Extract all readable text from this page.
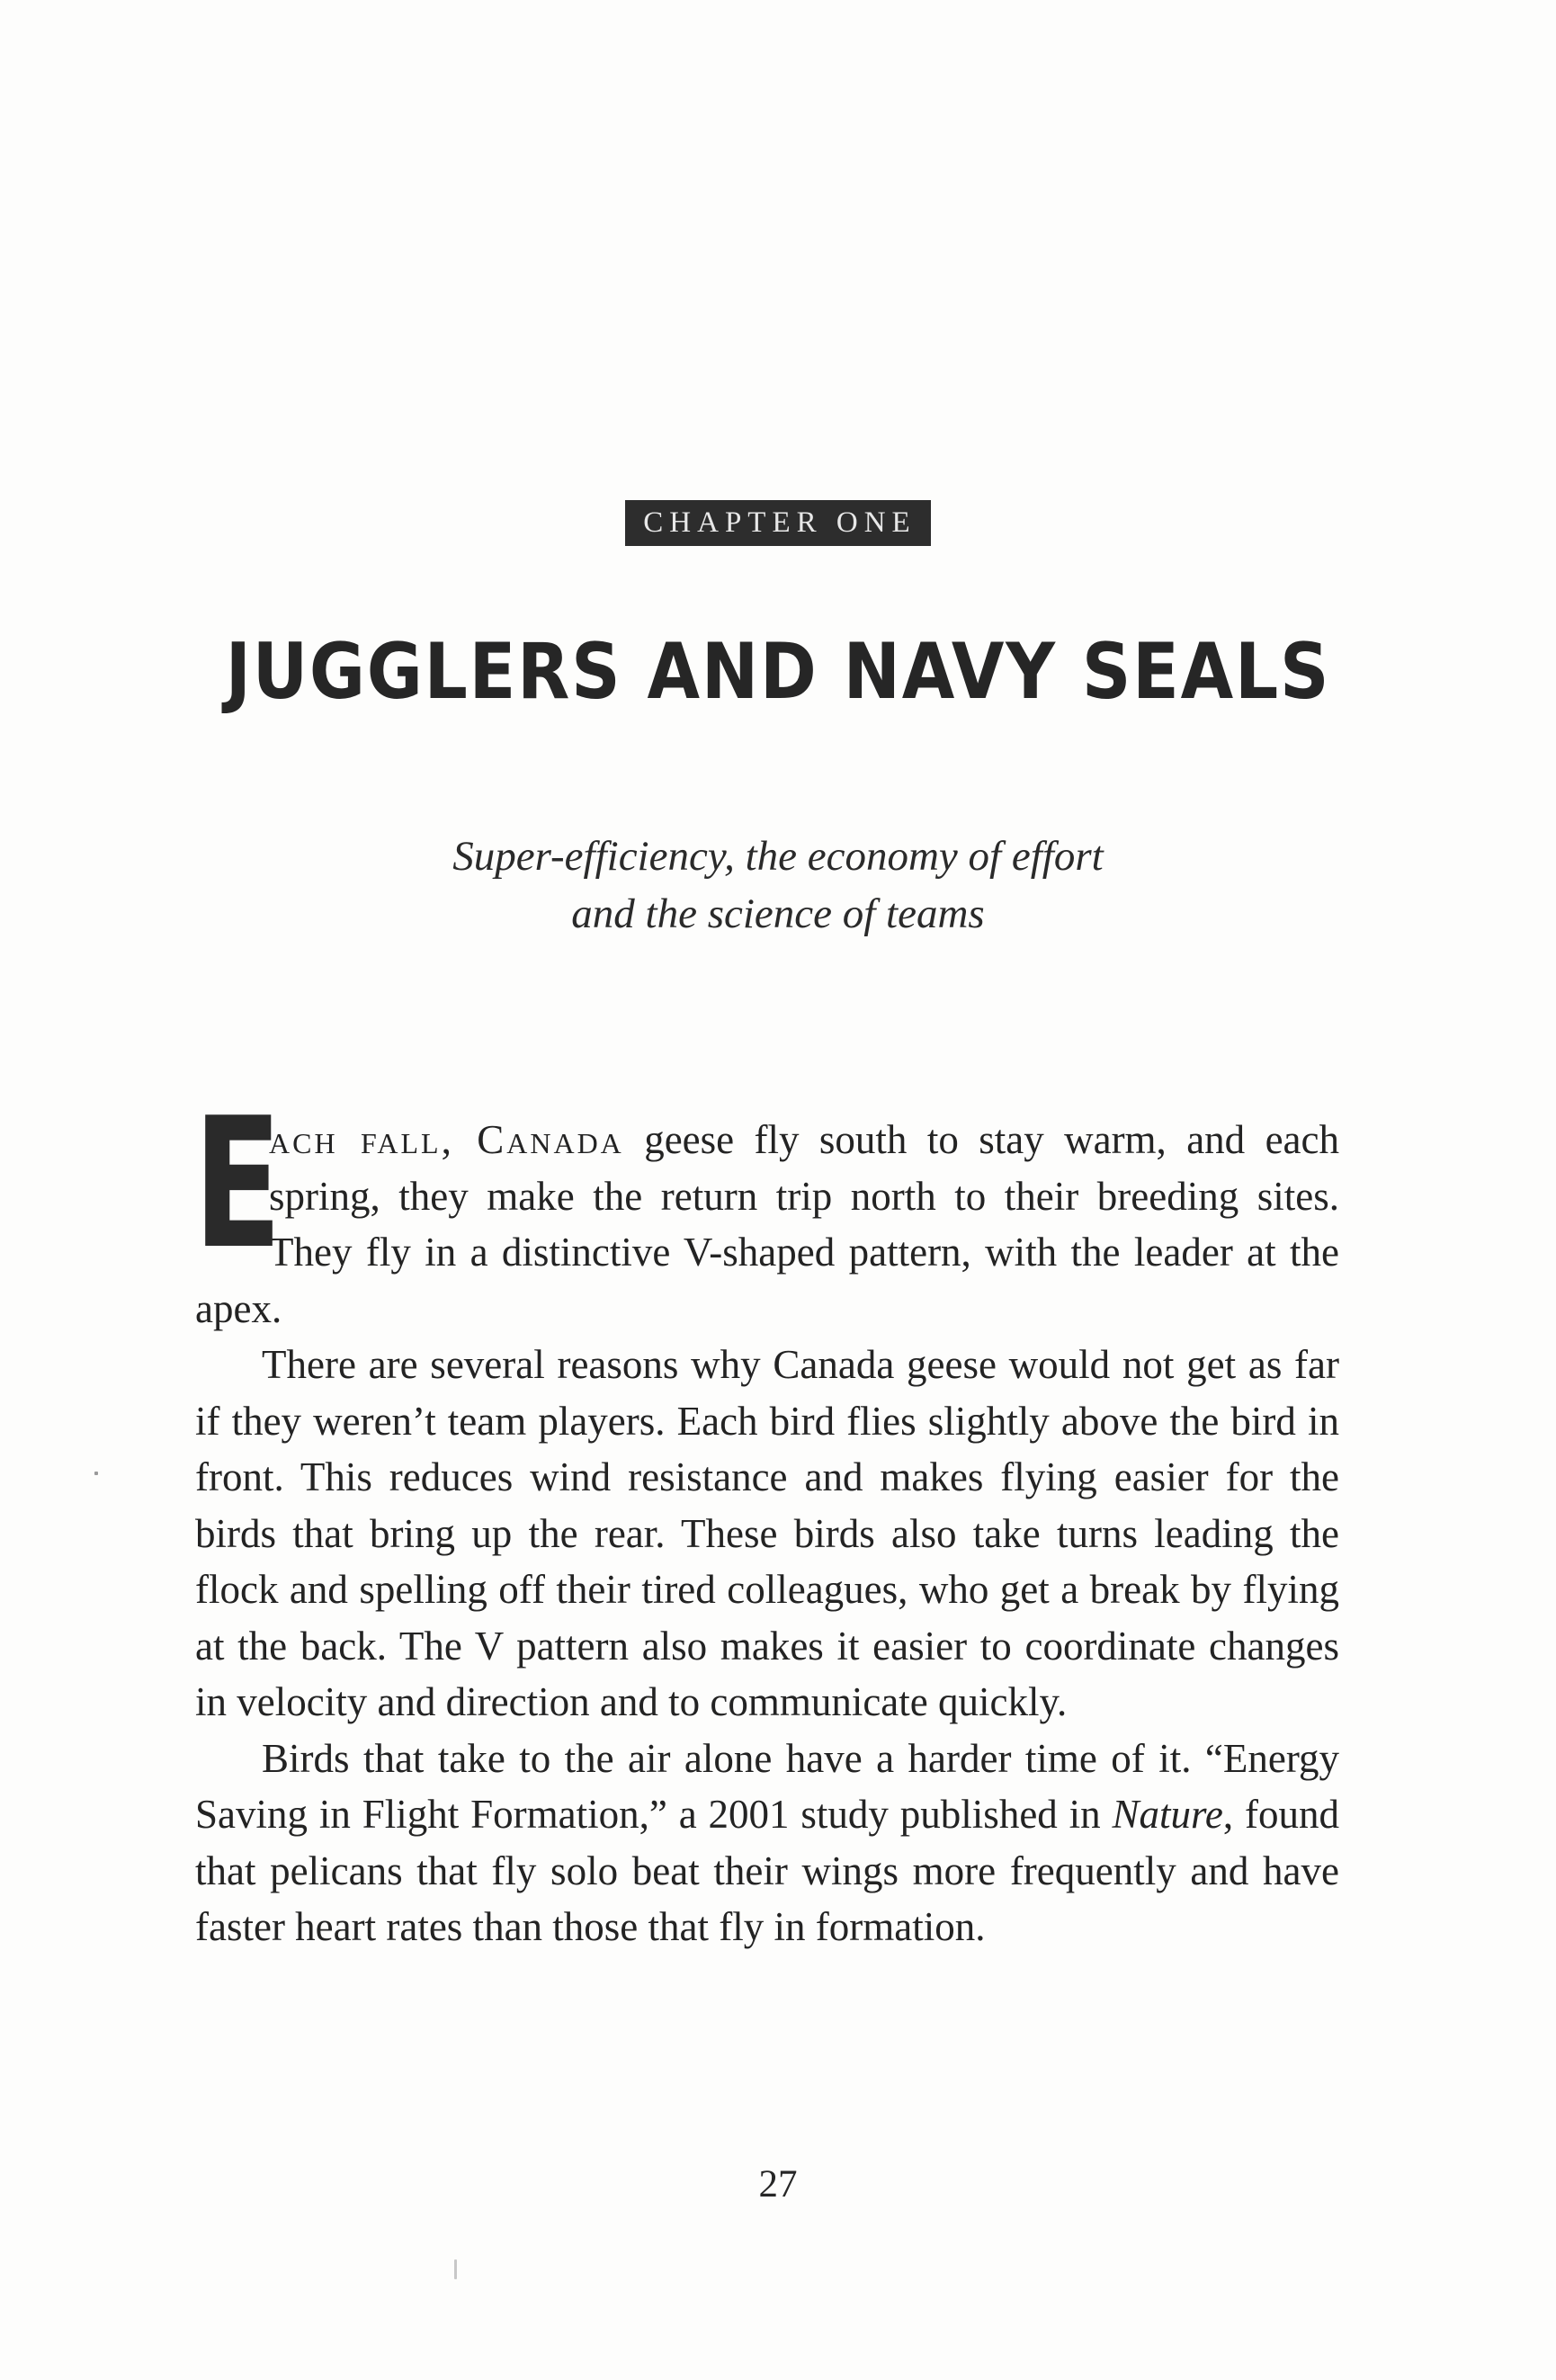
CHAPTER ONE
JUGGLERS AND NAVY SEALS
Super-efficiency, the economy of effort
and the science of teams

E
ach fall, Canada geese fly south to stay warm, and each spring, they make the return trip north to their breeding sites. They fly in a distinctive V-shaped pattern, with the leader at the apex.

There are several reasons why Canada geese would not get as far if they weren’t team players. Each bird flies slightly above the bird in front. This reduces wind resistance and makes flying easier for the birds that bring up the rear. These birds also take turns leading the flock and spelling off their tired colleagues, who get a break by flying at the back. The V pattern also makes it easier to coordinate changes in velocity and direction and to communicate quickly.

Birds that take to the air alone have a harder time of it. “Energy Saving in Flight Formation,” a 2001 study published in Nature, found that pelicans that fly solo beat their wings more frequently and have faster heart rates than those that fly in formation.

27
